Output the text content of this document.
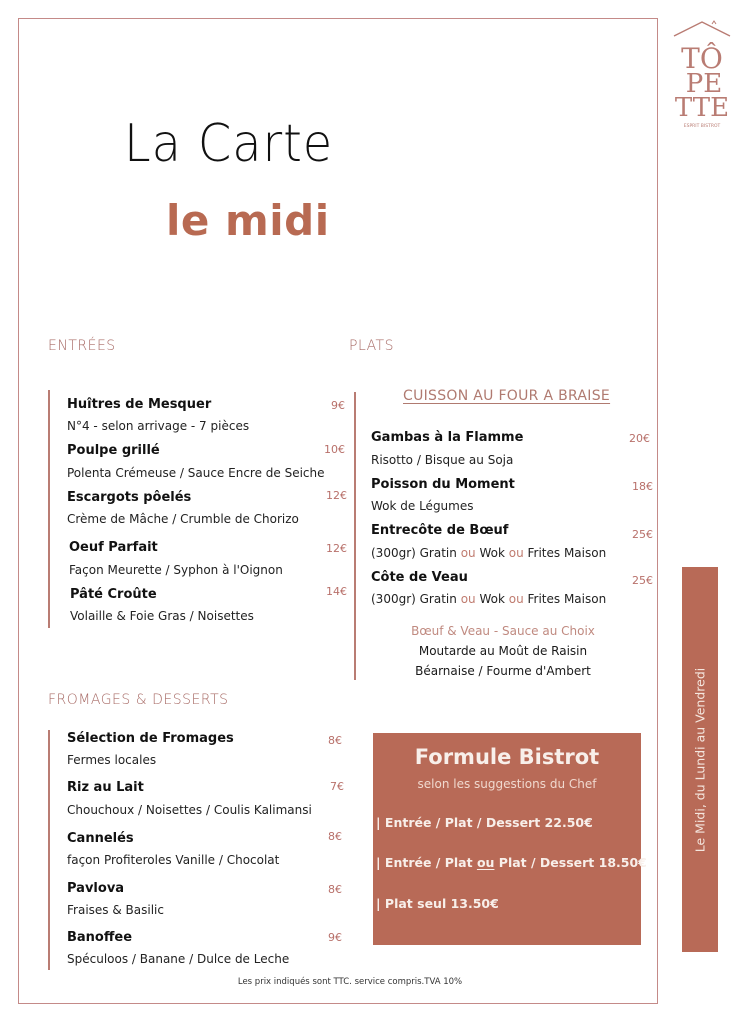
TÔ
PE
TTE
ESPRIT BISTROT
La Carte
le midi
ENTRÉES
Huîtres de Mesquer
N°4 - selon arrivage - 7 pièces
9€
Poulpe grillé
Polenta Crémeuse / Sauce Encre de Seiche
10€
Escargots pôelés
Crème de Mâche / Crumble de Chorizo
12€
Oeuf Parfait
Façon Meurette / Syphon à l'Oignon
12€
Pâté Croûte
Volaille & Foie Gras / Noisettes
14€
PLATS
CUISSON AU FOUR A BRAISE
Gambas à la Flamme
Risotto / Bisque au Soja
20€
Poisson du Moment
Wok de Légumes
18€
Entrecôte de Bœuf
(300gr) Gratin ou Wok ou Frites Maison
25€
Côte de Veau
(300gr) Gratin ou Wok ou Frites Maison
25€
Bœuf & Veau - Sauce au Choix
Moutarde au Moût de Raisin
Béarnaise / Fourme d'Ambert
FROMAGES & DESSERTS
Sélection de Fromages
Fermes locales
8€
Riz au Lait
Chouchoux / Noisettes / Coulis Kalimansi
7€
Cannelés
façon Profiteroles Vanille / Chocolat
8€
Pavlova
Fraises & Basilic
8€
Banoffee
Spéculoos / Banane / Dulce de Leche
9€
Formule Bistrot
selon les suggestions du Chef
| Entrée / Plat / Dessert 22.50€
| Entrée / Plat ou Plat / Dessert 18.50€
| Plat seul 13.50€
Le Midi, du Lundi au Vendredi
Les prix indiqués sont TTC. service compris.TVA 10%
